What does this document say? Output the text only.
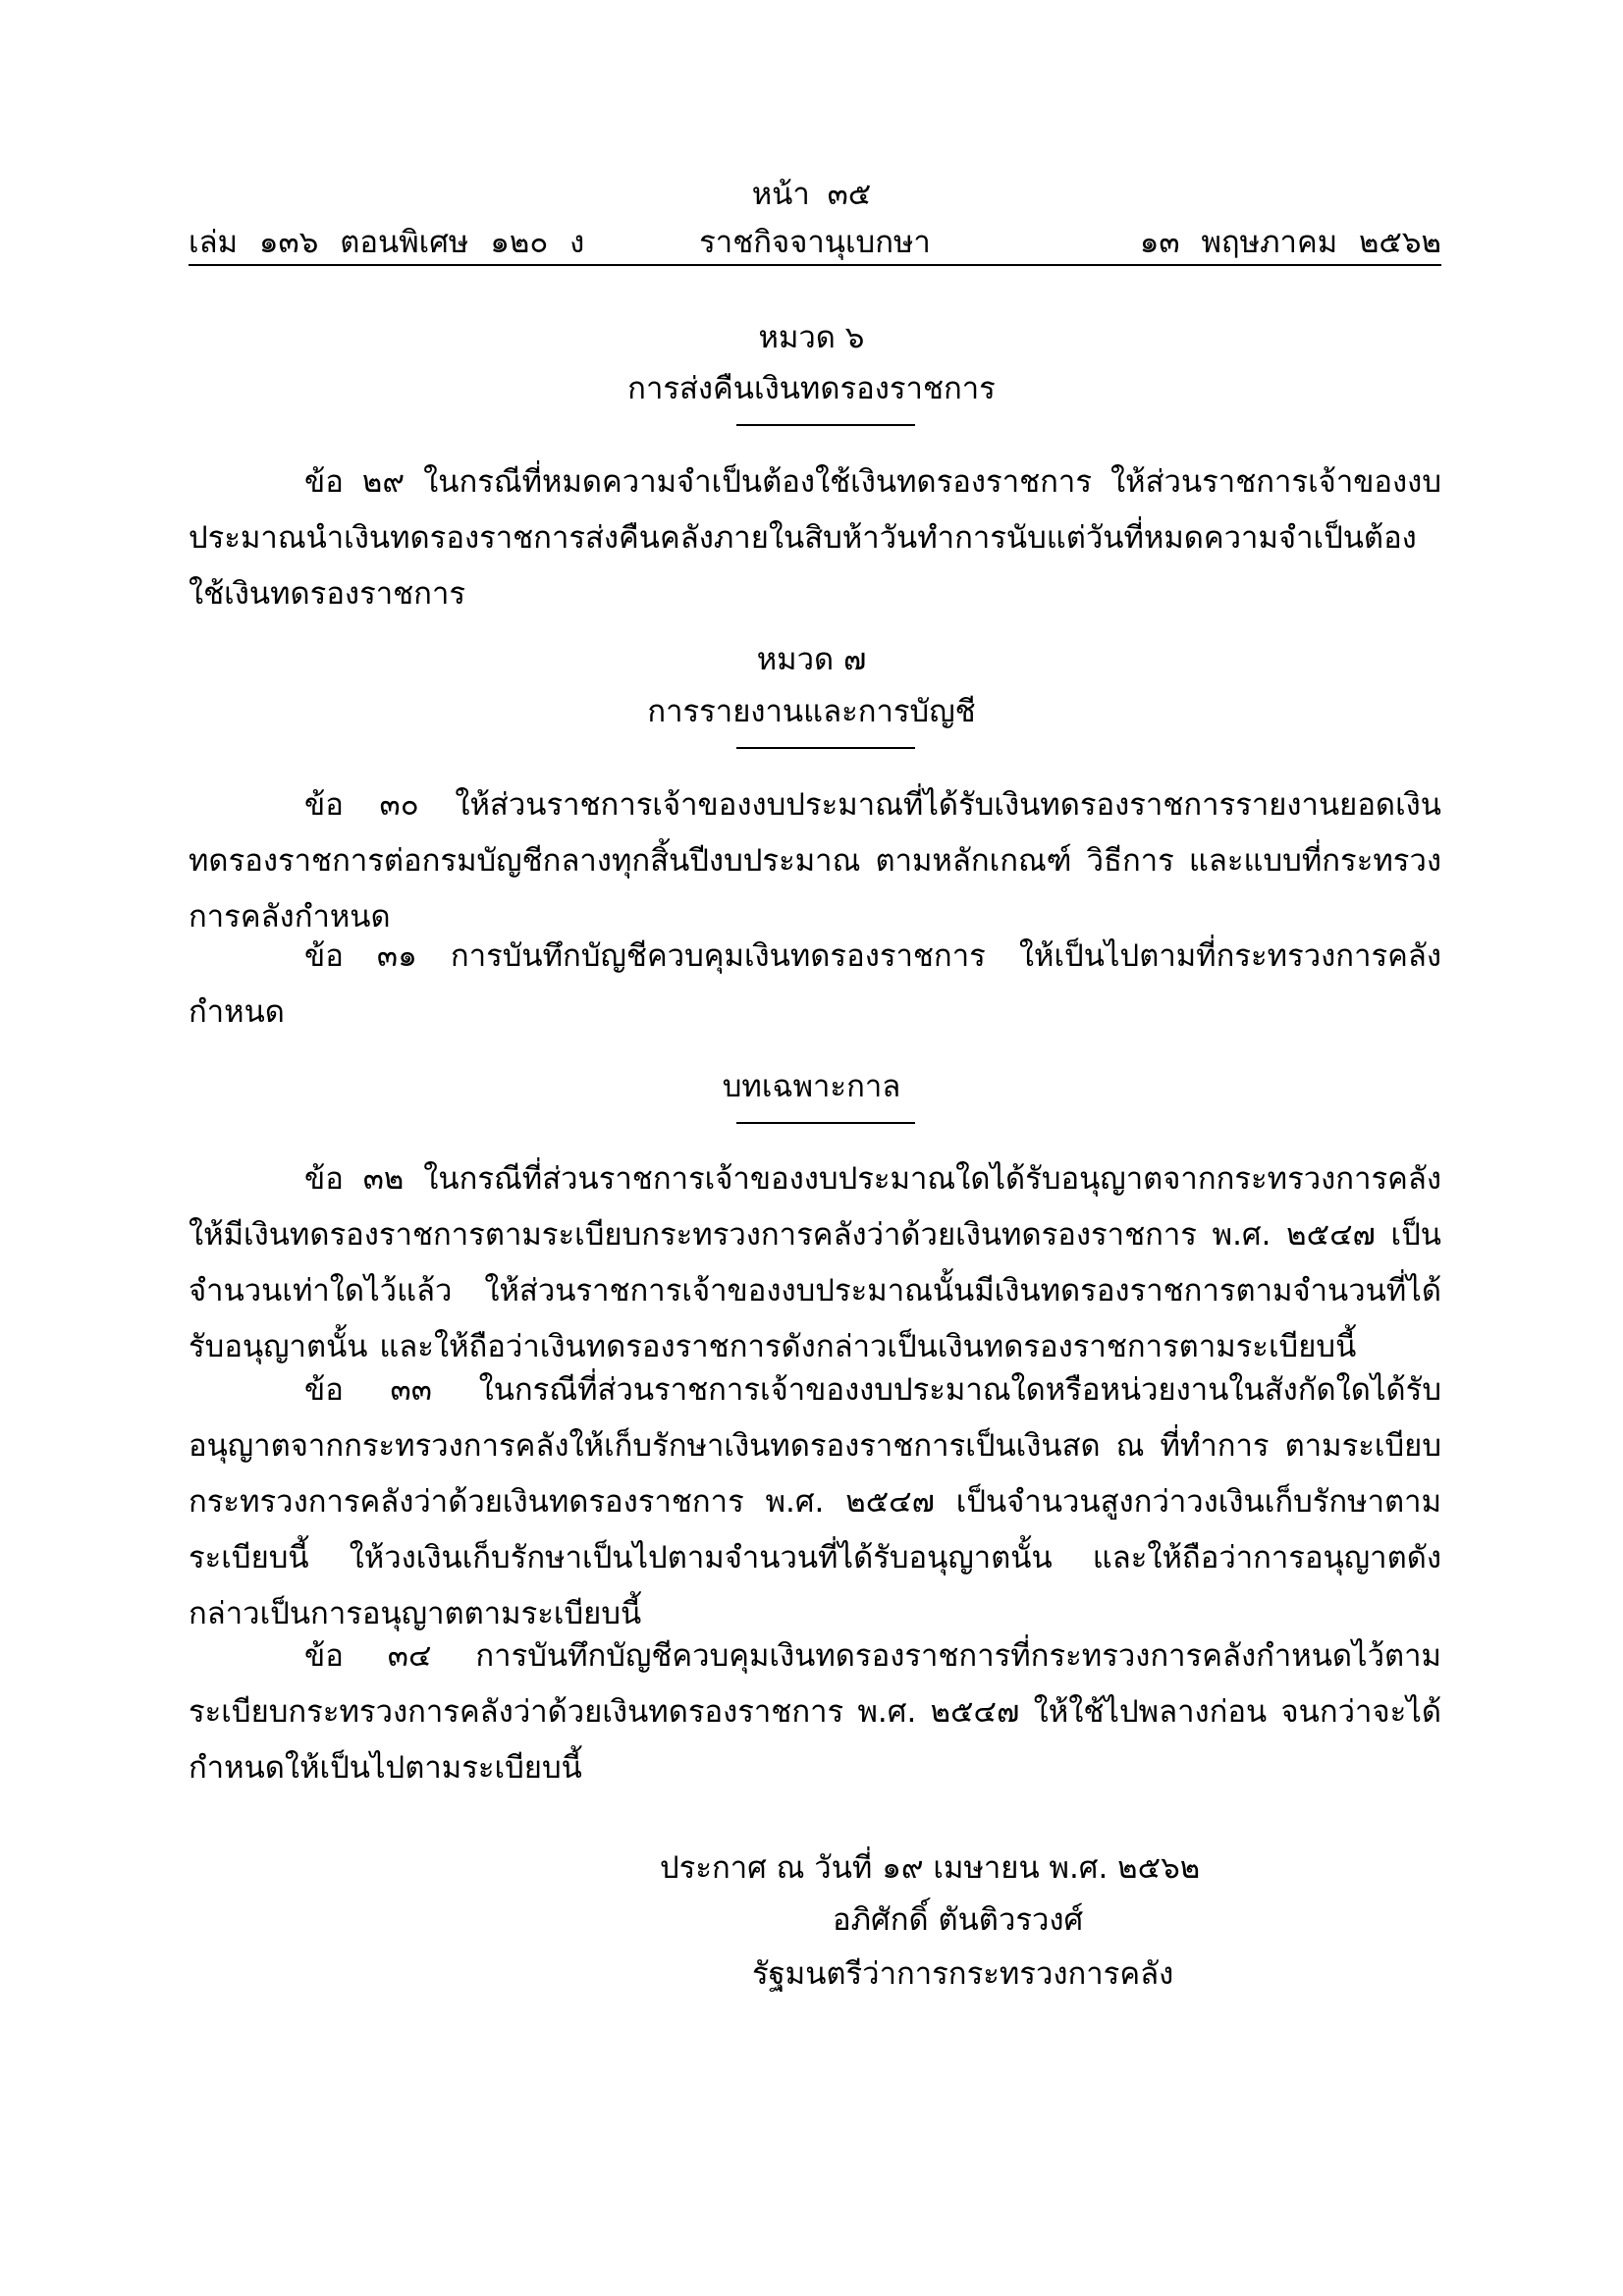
หน้า ๓๕
เล่ม ๑๓๖ ตอนพิเศษ ๑๒๐ ง	ราชกิจจานุเบกษา	๑๓ พฤษภาคม ๒๕๖๒
หมวด ๖
การส่งคืนเงินทดรองราชการ

ข้อ ๒๙ ในกรณีที่หมดความจำเป็นต้องใช้เงินทดรองราชการ ให้ส่วนราชการเจ้าของงบประมาณนำเงินทดรองราชการส่งคืนคลังภายในสิบห้าวันทำการนับแต่วันที่หมดความจำเป็นต้องใช้เงินทดรองราชการ

หมวด ๗
การรายงานและการบัญชี

ข้อ ๓๐ ให้ส่วนราชการเจ้าของงบประมาณที่ได้รับเงินทดรองราชการรายงานยอดเงินทดรองราชการต่อกรมบัญชีกลางทุกสิ้นปีงบประมาณ ตามหลักเกณฑ์ วิธีการ และแบบที่กระทรวงการคลังกำหนด

ข้อ ๓๑ การบันทึกบัญชีควบคุมเงินทดรองราชการ ให้เป็นไปตามที่กระทรวงการคลังกำหนด

บทเฉพาะกาล

ข้อ ๓๒ ในกรณีที่ส่วนราชการเจ้าของงบประมาณใดได้รับอนุญาตจากกระทรวงการคลังให้มีเงินทดรองราชการตามระเบียบกระทรวงการคลังว่าด้วยเงินทดรองราชการ พ.ศ. ๒๕๔๗ เป็นจำนวนเท่าใดไว้แล้ว ให้ส่วนราชการเจ้าของงบประมาณนั้นมีเงินทดรองราชการตามจำนวนที่ได้รับอนุญาตนั้น และให้ถือว่าเงินทดรองราชการดังกล่าวเป็นเงินทดรองราชการตามระเบียบนี้

ข้อ ๓๓ ในกรณีที่ส่วนราชการเจ้าของงบประมาณใดหรือหน่วยงานในสังกัดใดได้รับอนุญาตจากกระทรวงการคลังให้เก็บรักษาเงินทดรองราชการเป็นเงินสด ณ ที่ทำการ ตามระเบียบกระทรวงการคลังว่าด้วยเงินทดรองราชการ พ.ศ. ๒๕๔๗ เป็นจำนวนสูงกว่าวงเงินเก็บรักษาตามระเบียบนี้ ให้วงเงินเก็บรักษาเป็นไปตามจำนวนที่ได้รับอนุญาตนั้น และให้ถือว่าการอนุญาตดังกล่าวเป็นการอนุญาตตามระเบียบนี้

ข้อ ๓๔ การบันทึกบัญชีควบคุมเงินทดรองราชการที่กระทรวงการคลังกำหนดไว้ตามระเบียบกระทรวงการคลังว่าด้วยเงินทดรองราชการ พ.ศ. ๒๕๔๗ ให้ใช้ไปพลางก่อน จนกว่าจะได้กำหนดให้เป็นไปตามระเบียบนี้

ประกาศ ณ วันที่ ๑๙ เมษายน พ.ศ. ๒๕๖๒
อภิศักดิ์ ตันติวรวงศ์
รัฐมนตรีว่าการกระทรวงการคลัง
